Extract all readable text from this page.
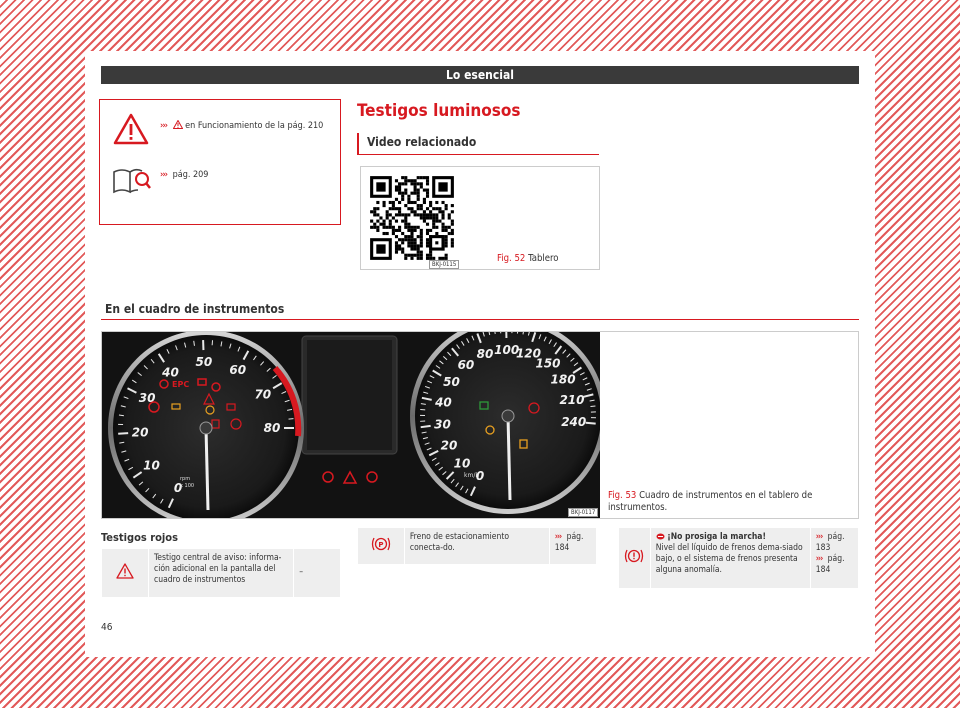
Lo esencial
››› en Funcionamiento de la pág. 210
››› pág. 209
Testigos luminosos
Video relacionado
BKJ-0115
Fig. 52 Tablero
En el cuadro de instrumentos
0
10
20
30
40
50
60
70
80
rpm
x 100
EPC
0
10
20
30
40
50
60
80 100
120
150
180
210
240
km/h
BKJ-0117
Fig. 53 Cuadro de instrumentos en el tablero de
instrumentos.
Testigos rojos
	Testigo central de aviso: informa-ción adicional en la pantalla del cuadro de instrumentos	–
P
	Freno de estacionamiento conecta-do.	››› pág. 184
	¡No prosiga la marcha!
Nivel del líquido de frenos dema-siado bajo, o el sistema de frenos presenta alguna anomalía.	››› pág. 183
››› pág. 184
46
